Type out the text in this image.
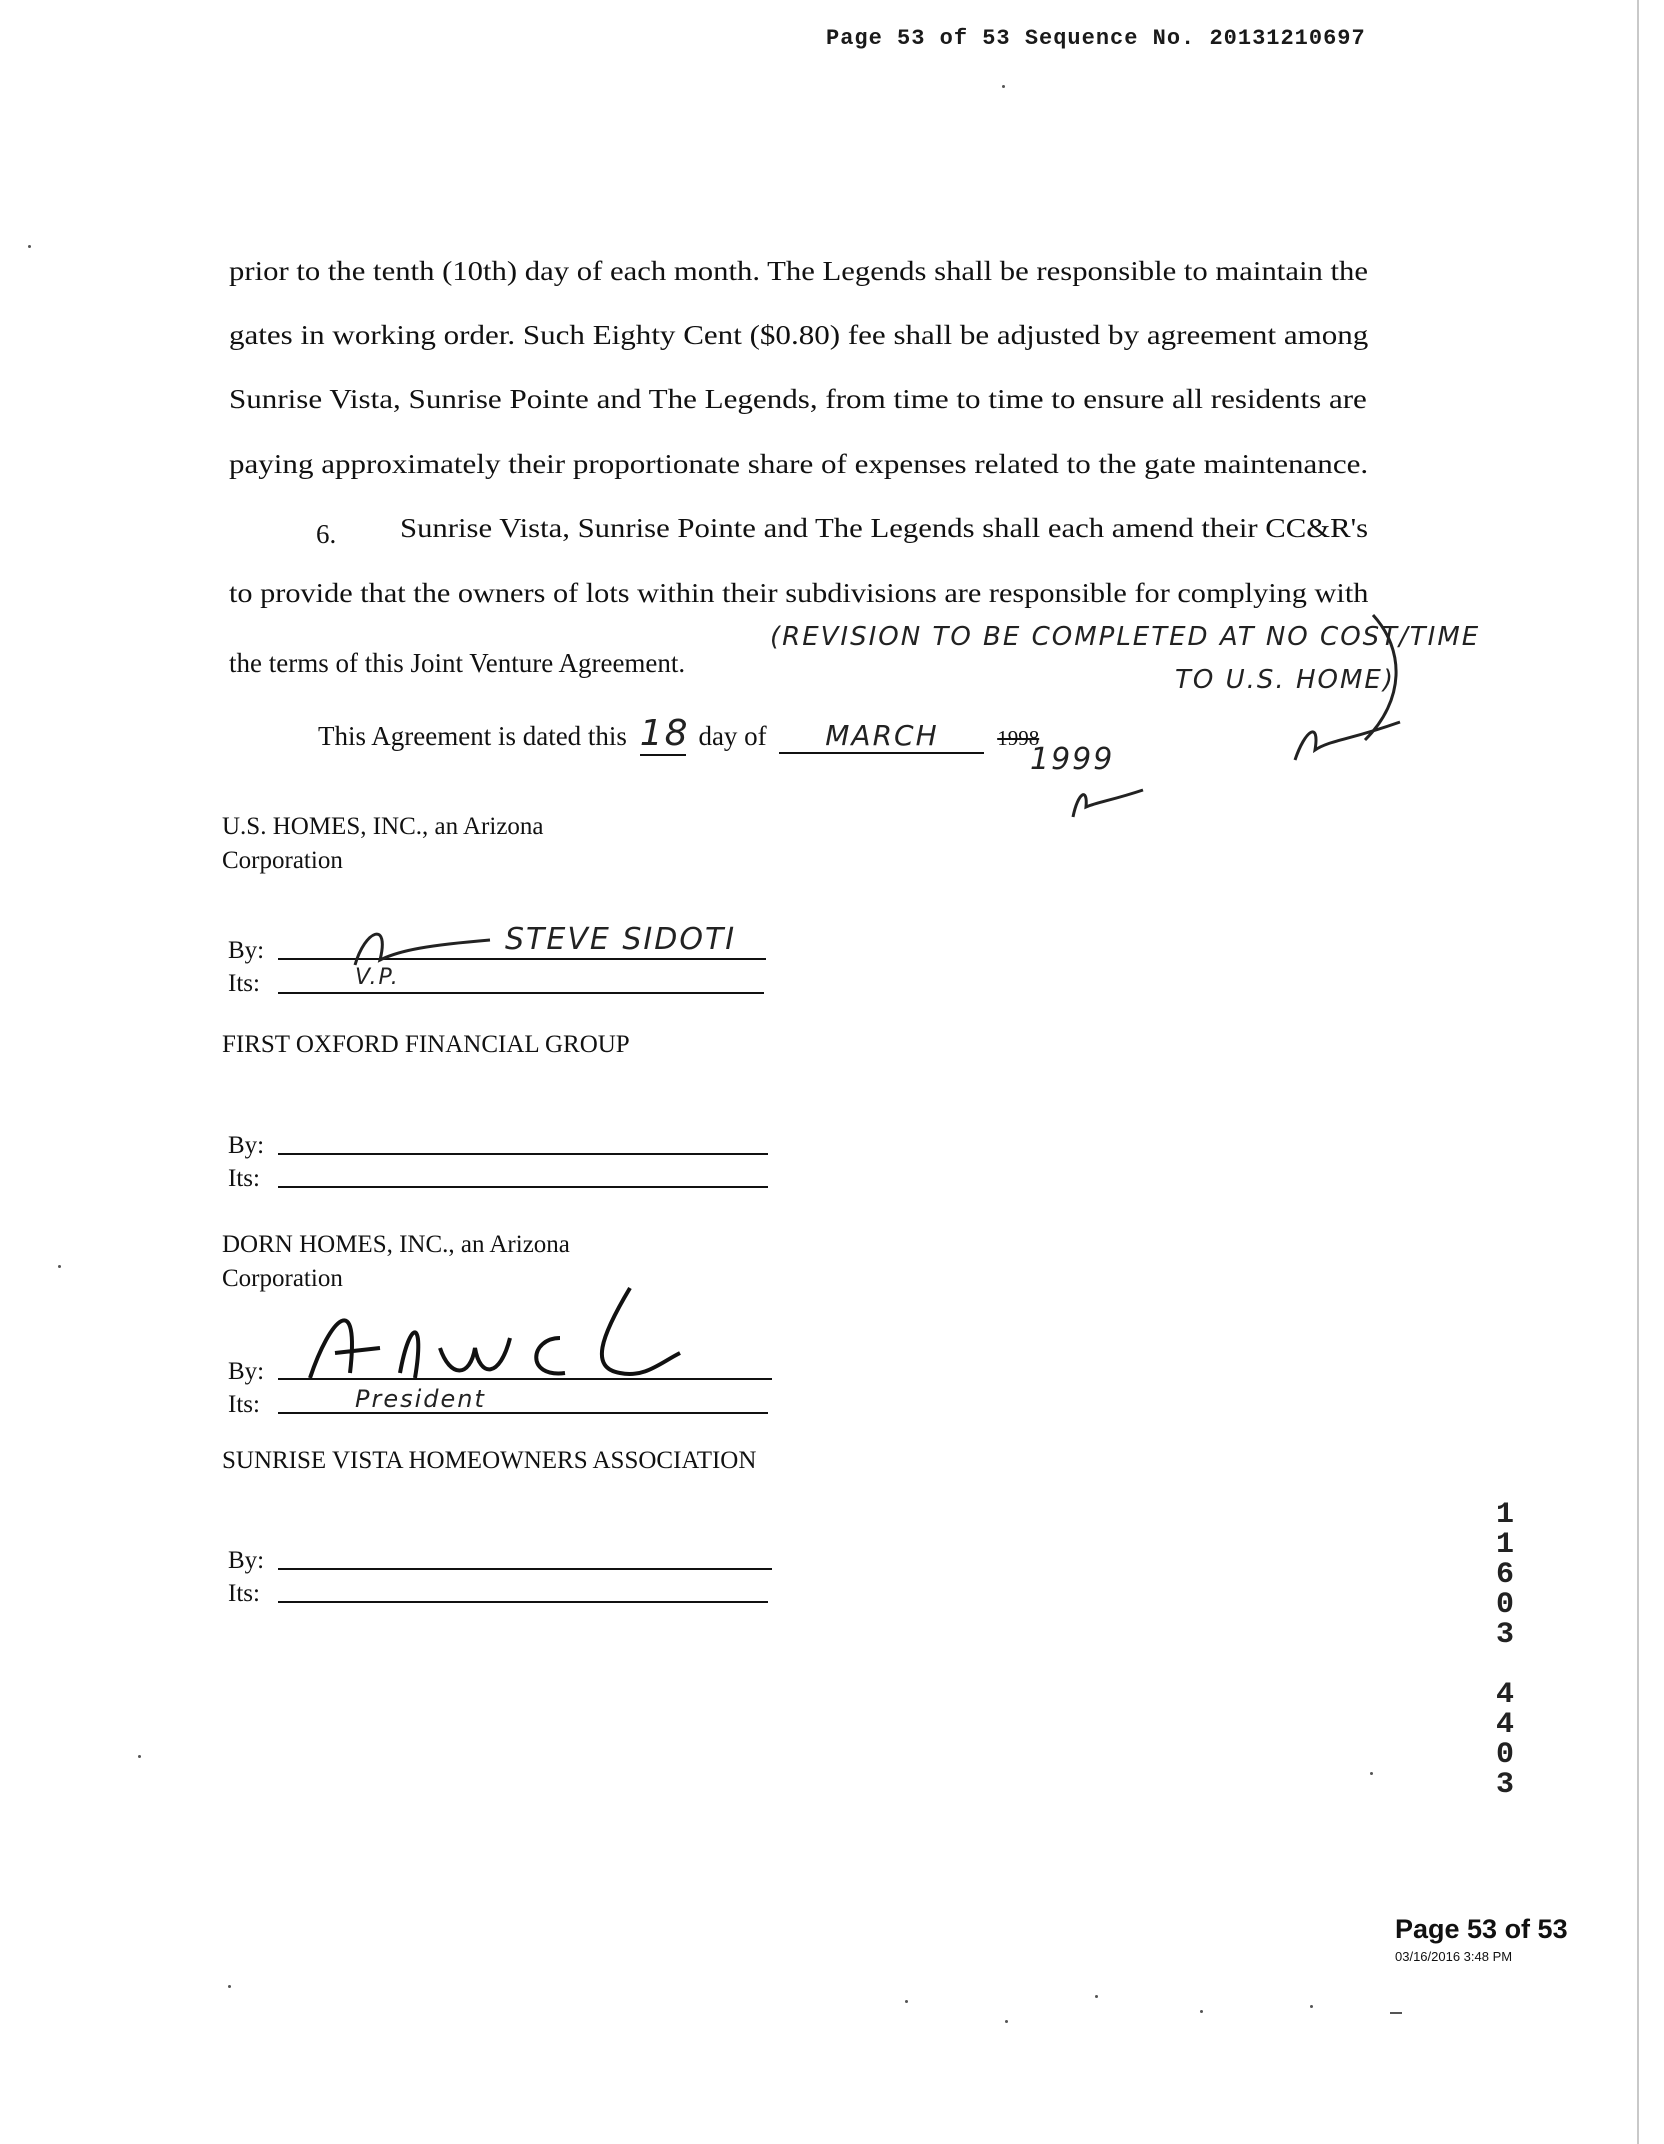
Page 53 of 53 Sequence No. 20131210697
prior to the tenth (10th) day of each month. The Legends shall be responsible to maintain the
gates in working order. Such Eighty Cent ($0.80) fee shall be adjusted by agreement among
Sunrise Vista, Sunrise Pointe and The Legends, from time to time to ensure all residents are
paying approximately their proportionate share of expenses related to the gate maintenance.
6. Sunrise Vista, Sunrise Pointe and The Legends shall each amend their CC&R's
to provide that the owners of lots within their subdivisions are responsible for complying with
the terms of this Joint Venture Agreement.
(REVISION TO BE COMPLETED AT NO COST/TIME
TO U.S. HOME)
This Agreement is dated this 18 day of MARCH	1998
1999
U.S. HOMES, INC., an Arizona
Corporation
By:	STEVE SIDOTI
Its:	V.P.
FIRST OXFORD FINANCIAL GROUP
By:
Its:
DORN HOMES, INC., an Arizona
Corporation
By:
Its:	President
SUNRISE VISTA HOMEOWNERS ASSOCIATION
By:
Its:
1
1
6
0
3
4
4
0
3
Page 53 of 53
03/16/2016 3:48 PM
